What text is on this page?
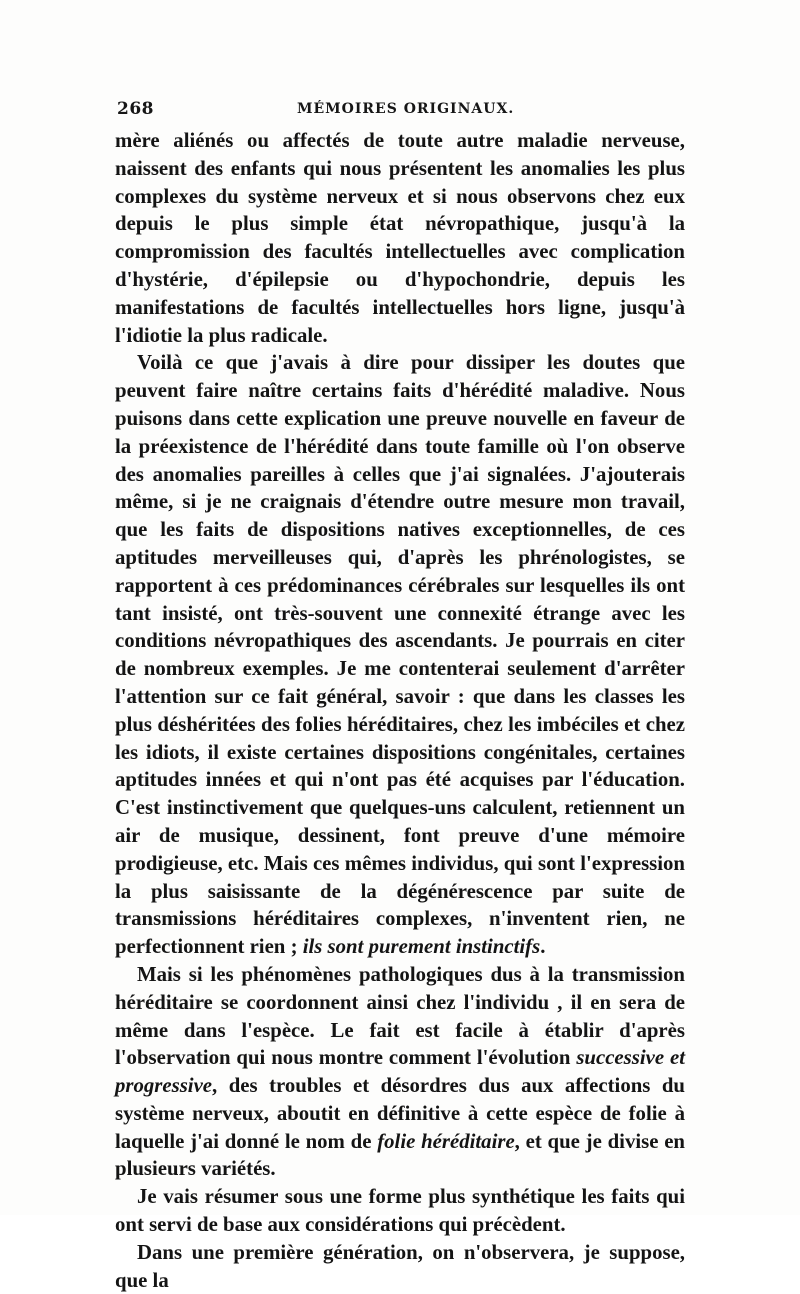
268	MÉMOIRES ORIGINAUX.

mère aliénés ou affectés de toute autre maladie nerveuse, naissent des enfants qui nous présentent les anomalies les plus complexes du système nerveux et si nous observons chez eux depuis le plus simple état névropathique, jusqu'à la compromission des facultés intellectuelles avec complication d'hystérie, d'épilepsie ou d'hypochondrie, depuis les manifestations de facultés intellectuelles hors ligne, jusqu'à l'idiotie la plus radicale.

Voilà ce que j'avais à dire pour dissiper les doutes que peuvent faire naître certains faits d'hérédité maladive. Nous puisons dans cette explication une preuve nouvelle en faveur de la préexistence de l'hérédité dans toute famille où l'on observe des anomalies pareilles à celles que j'ai signalées. J'ajouterais même, si je ne craignais d'étendre outre mesure mon travail, que les faits de dispositions natives exceptionnelles, de ces aptitudes merveilleuses qui, d'après les phrénologistes, se rapportent à ces prédominances cérébrales sur lesquelles ils ont tant insisté, ont très-souvent une connexité étrange avec les conditions névropathiques des ascendants. Je pourrais en citer de nombreux exemples. Je me contenterai seulement d'arrêter l'attention sur ce fait général, savoir : que dans les classes les plus déshéritées des folies héréditaires, chez les imbéciles et chez les idiots, il existe certaines dispositions congénitales, certaines aptitudes innées et qui n'ont pas été acquises par l'éducation. C'est instinctivement que quelques-uns calculent, retiennent un air de musique, dessinent, font preuve d'une mémoire prodigieuse, etc. Mais ces mêmes individus, qui sont l'expression la plus saisissante de la dégénérescence par suite de transmissions héréditaires complexes, n'inventent rien, ne perfectionnent rien ; ils sont purement instinctifs.

Mais si les phénomènes pathologiques dus à la transmission héréditaire se coordonnent ainsi chez l'individu , il en sera de même dans l'espèce. Le fait est facile à établir d'après l'observation qui nous montre comment l'évolution successive et progressive, des troubles et désordres dus aux affections du système nerveux, aboutit en définitive à cette espèce de folie à laquelle j'ai donné le nom de folie héréditaire, et que je divise en plusieurs variétés.

Je vais résumer sous une forme plus synthétique les faits qui ont servi de base aux considérations qui précèdent.

Dans une première génération, on n'observera, je suppose, que la
